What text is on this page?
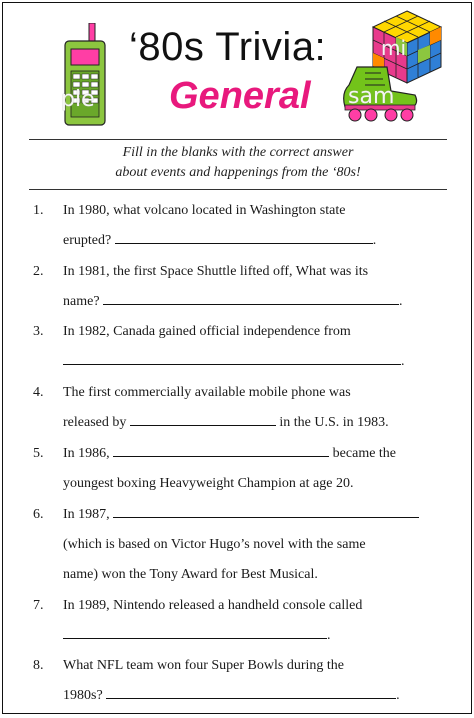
‘80s Trivia:
General
ple	sam
mi
Fill in the blanks with the correct answer
about events and happenings from the ‘80s!
1. In 1980, what volcano located in Washington state
erupted?	.
2. In 1981, the first Space Shuttle lifted off, What was its
name?	.
3. In 1982, Canada gained official independence from
.
4. The first commercially available mobile phone was
released by	in the U.S. in 1983.
5. In 1986,	became the
youngest boxing Heavyweight Champion at age 20.
6. In 1987,
(which is based on Victor Hugo’s novel with the same
name) won the Tony Award for Best Musical.
7. In 1989, Nintendo released a handheld console called
.
8. What NFL team won four Super Bowls during the
1980s?	.
